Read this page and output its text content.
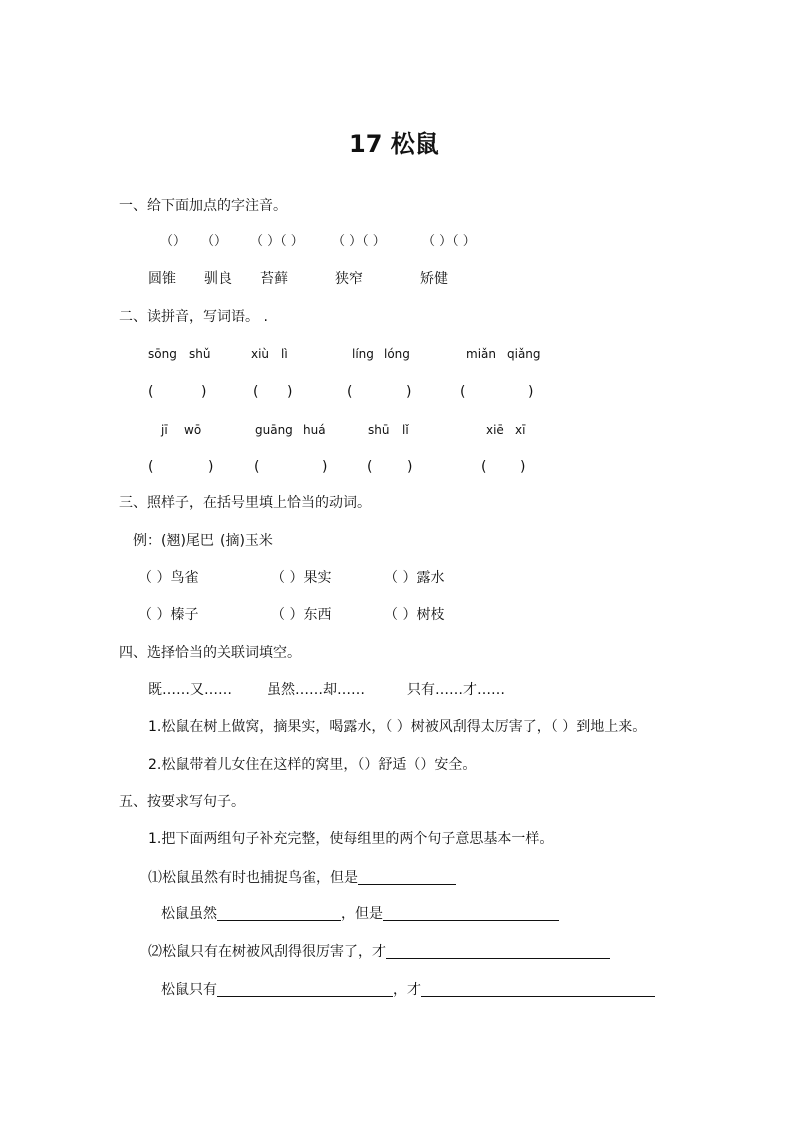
17 松鼠
一、给下面加点的字注音。
（） （） （ ）（ ） （ ）（ ）	（ ）（ ）
圆锥 驯良 苔藓	狭窄	矫健
二、读拼音，写词语。 .
sōng shǔ	xiù lì	líng lóng	miǎn qiǎng
(	)	( )	(	)	(	)
jī wō	guāng huá	shū lǐ	xiē xī
(	)	(	)	( )	( )
三、照样子，在括号里填上恰当的动词。
例：(翘)尾巴 (摘)玉米
（ ）鸟雀	（ ）果实	（ ）露水
（ ）榛子	（ ）东西	（ ）树枝
四、选择恰当的关联词填空。
既……又……	虽然……却……	只有……才……
1.松鼠在树上做窝，摘果实，喝露水，（ ）树被风刮得太厉害了，（ ）到地上来。
2.松鼠带着儿女住在这样的窝里，（）舒适（）安全。
五、按要求写句子。
1.把下面两组句子补充完整，使每组里的两个句子意思基本一样。
⑴松鼠虽然有时也捕捉鸟雀，但是
松鼠虽然	，但是
⑵松鼠只有在树被风刮得很厉害了，才
松鼠只有	，才
